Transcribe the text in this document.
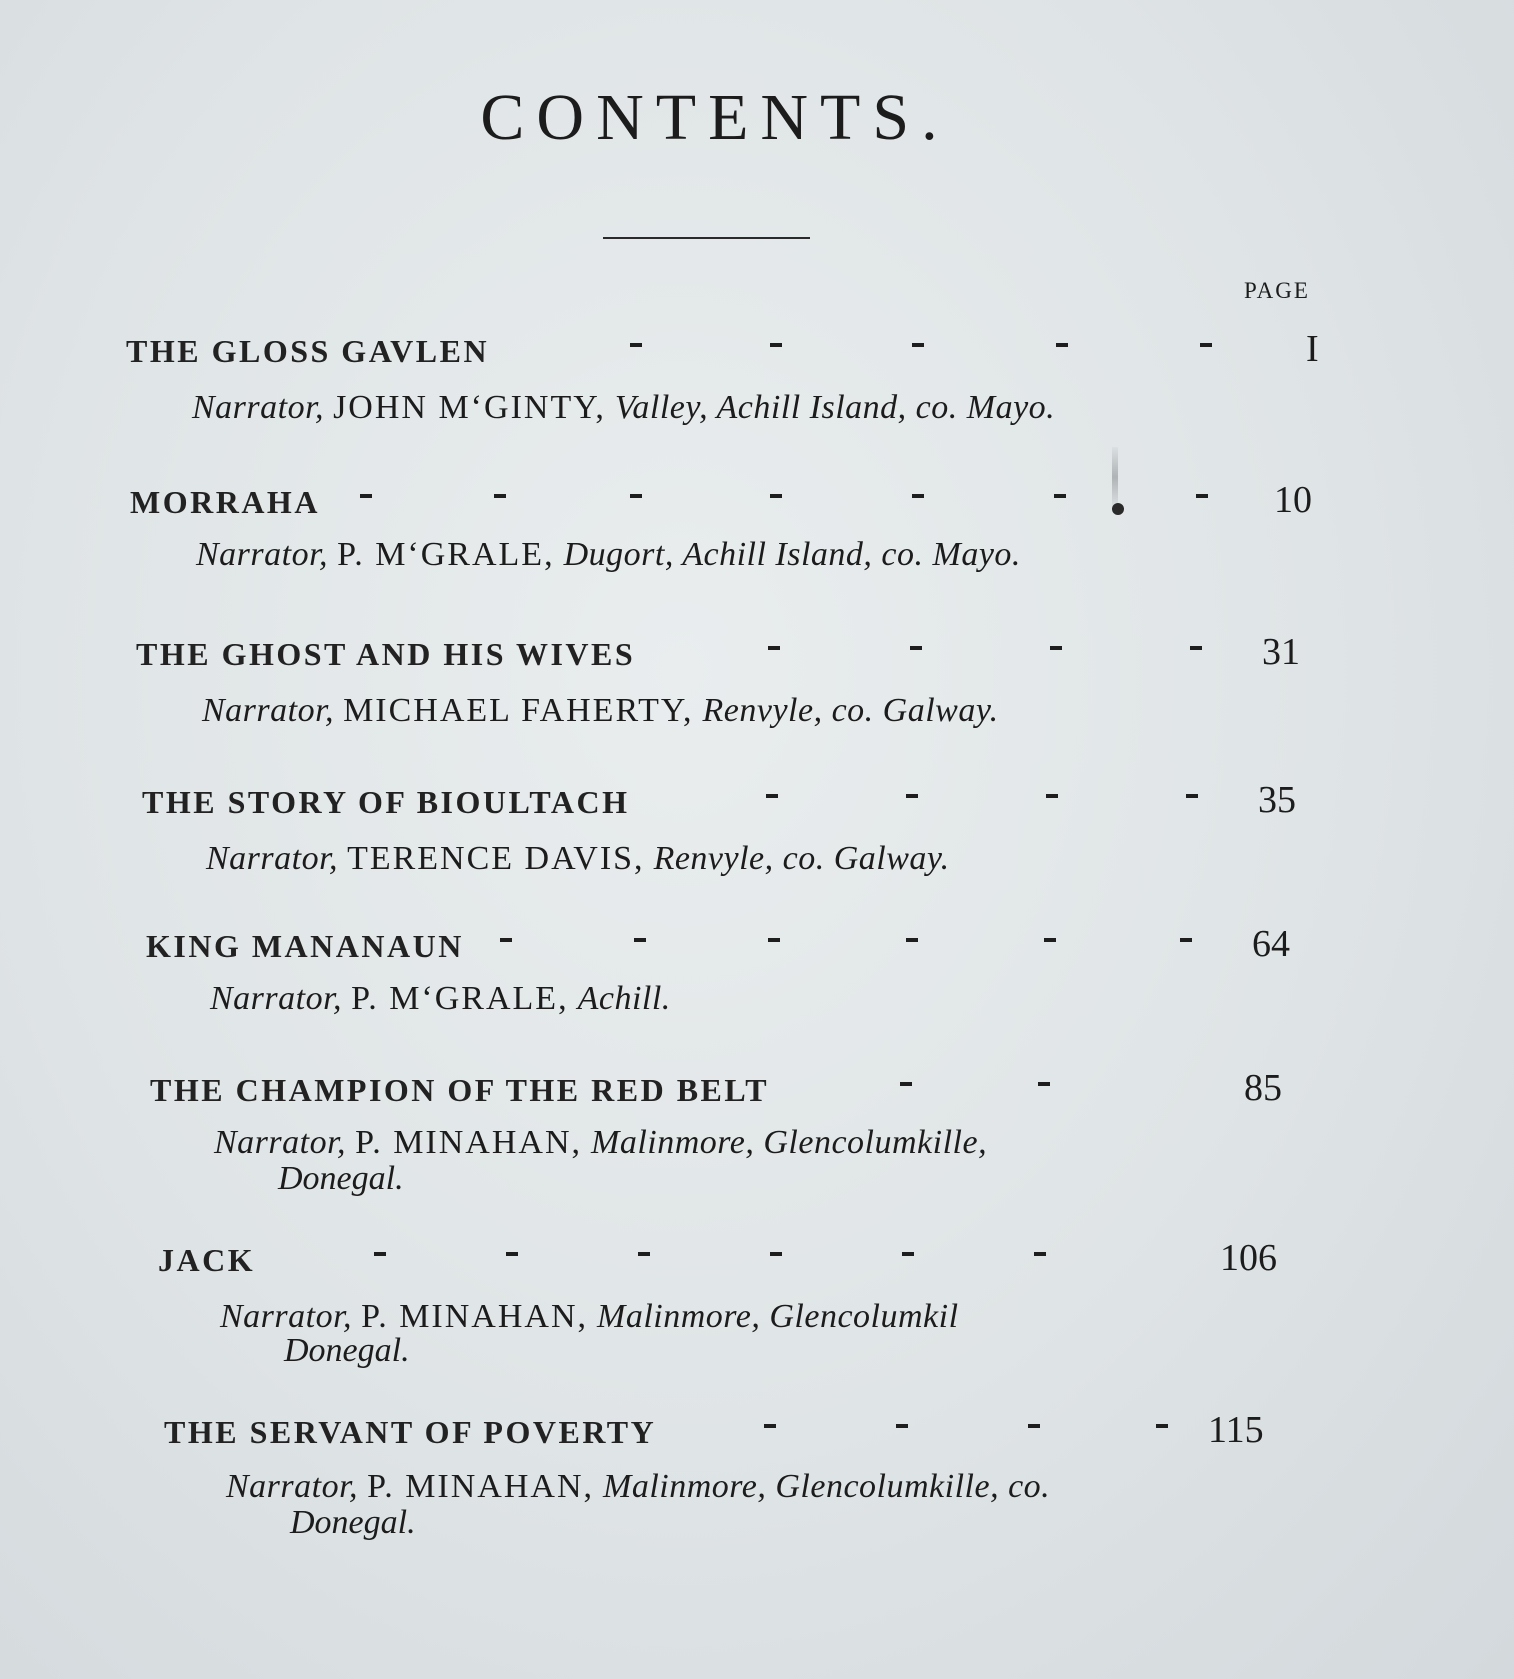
CONTENTS.
PAGE
THE GLOSS GAVLEN	I
Narrator, JOHN M‘GINTY, Valley, Achill Island, co. Mayo.
MORRAHA	10
Narrator, P. M‘GRALE, Dugort, Achill Island, co. Mayo.
THE GHOST AND HIS WIVES	31
Narrator, MICHAEL FAHERTY, Renvyle, co. Galway.
THE STORY OF BIOULTACH	35
Narrator, TERENCE DAVIS, Renvyle, co. Galway.
KING MANANAUN	64
Narrator, P. M‘GRALE, Achill.
THE CHAMPION OF THE RED BELT	85
Narrator, P. MINAHAN, Malinmore, Glencolumkille,
Donegal.
JACK	106
Narrator, P. MINAHAN, Malinmore, Glencolumkil
Donegal.
THE SERVANT OF POVERTY	115
Narrator, P. MINAHAN, Malinmore, Glencolumkille, co.
Donegal.
